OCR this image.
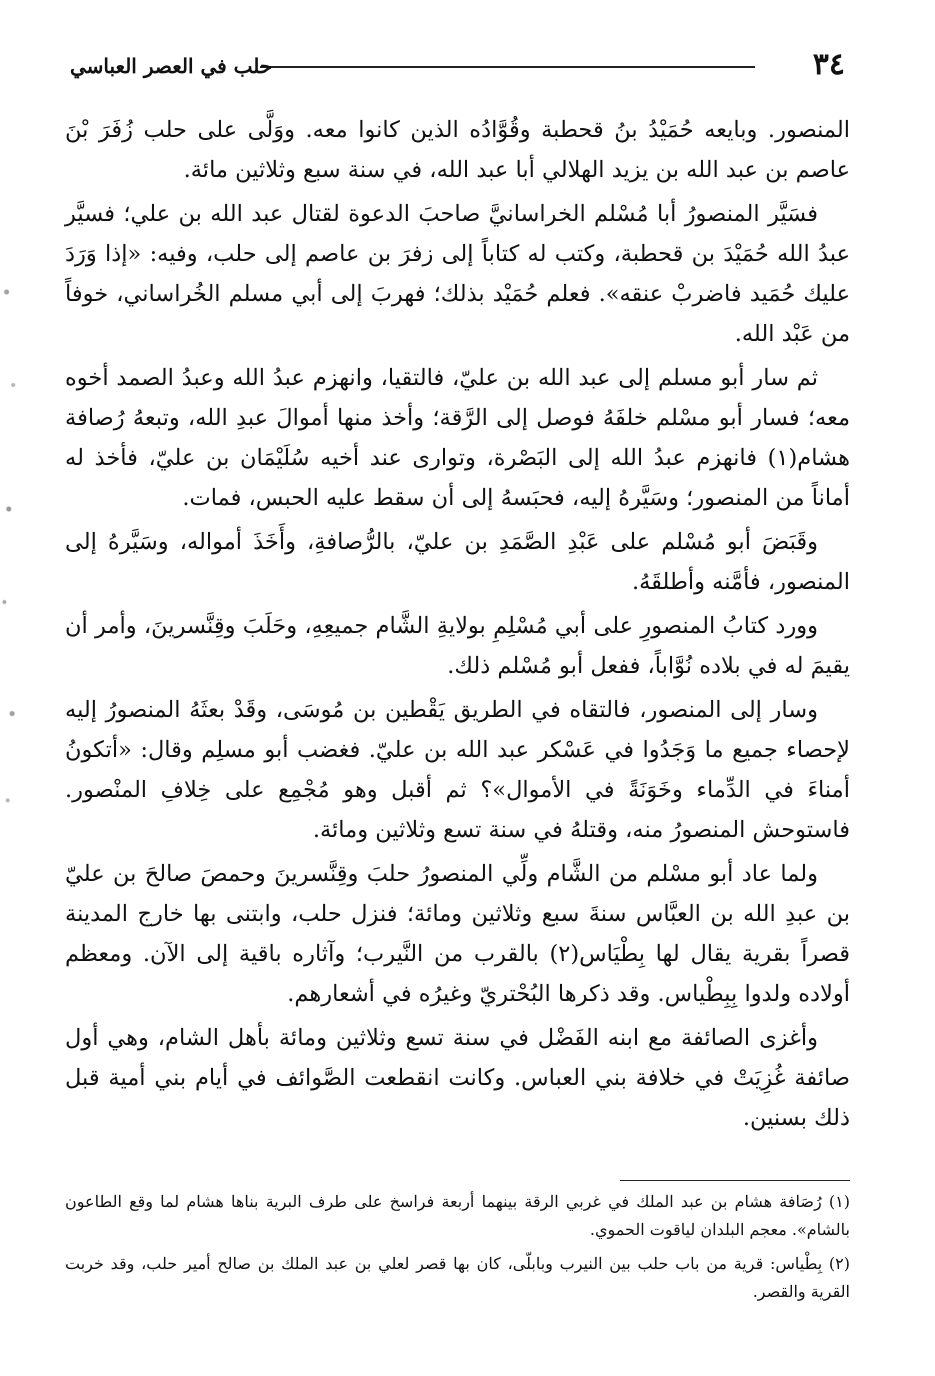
٣٤
حلب في العصر العباسي

المنصور. وبايعه حُمَيْدُ بنُ قحطبة وقُوَّادُه الذين كانوا معه. ووَلَّى على حلب زُفَرَ بْنَ عاصم بن عبد الله بن يزيد الهلالي أبا عبد الله، في سنة سبع وثلاثين مائة.

فسَيَّر المنصورُ أبا مُسْلم الخراسانيَّ صاحبَ الدعوة لقتال عبد الله بن علي؛ فسيَّر عبدُ الله حُمَيْدَ بن قحطبة، وكتب له كتاباً إلى زفرَ بن عاصم إلى حلب، وفيه: «إذا وَرَدَ عليك حُمَيد فاضربْ عنقه». فعلم حُمَيْد بذلك؛ فهربَ إلى أبي مسلم الخُراساني، خوفاً من عَبْد الله.

ثم سار أبو مسلم إلى عبد الله بن عليّ، فالتقيا، وانهزم عبدُ الله وعبدُ الصمد أخوه معه؛ فسار أبو مسْلم خلفَهُ فوصل إلى الرَّقة؛ وأخذ منها أموالَ عبدِ الله، وتبعهُ رُصافة هشام(١) فانهزم عبدُ الله إلى البَصْرة، وتوارى عند أخيه سُلَيْمَان بن عليّ، فأخذ له أماناً من المنصور؛ وسَيَّرهُ إليه، فحبَسهُ إلى أن سقط عليه الحبس، فمات.

وقَبَضَ أبو مُسْلم على عَبْدِ الصَّمَدِ بن عليّ، بالرُّصافةِ، وأَخَذَ أمواله، وسَيَّرهُ إلى المنصور، فأمَّنه وأطلقَهُ.

وورد كتابُ المنصورِ على أبي مُسْلِمِ بولايةِ الشَّام جميعِهِ، وحَلَبَ وقِنَّسرينَ، وأمر أن يقيمَ له في بلاده نُوَّاباً، ففعل أبو مُسْلم ذلك.

وسار إلى المنصور، فالتقاه في الطريق يَقْطين بن مُوسَى، وقَدْ بعثَهُ المنصورُ إليه لإحصاء جميع ما وَجَدُوا في عَسْكر عبد الله بن عليّ. فغضب أبو مسلِم وقال: «أتكونُ أمناءَ في الدِّماء وخَوَنَةً في الأموال»؟ ثم أقبل وهو مُجْمِع على خِلافِ المنْصور. فاستوحش المنصورُ منه، وقتلهُ في سنة تسع وثلاثين ومائة.

ولما عاد أبو مسْلم من الشَّام ولِّي المنصورُ حلبَ وقِنَّسرينَ وحمصَ صالحَ بن عليّ بن عبدِ الله بن العبَّاس سنةَ سبع وثلاثين ومائة؛ فنزل حلب، وابتنى بها خارج المدينة قصراً بقرية يقال لها بِطْيَاس(٢) بالقرب من النَّيرب؛ وآثاره باقية إلى الآن. ومعظم أولاده ولدوا بِبِطْياس. وقد ذكرها البُحْتريّ وغيرُه في أشعارهم.

وأغزى الصائفة مع ابنه الفَضْل في سنة تسع وثلاثين ومائة بأهل الشام، وهي أول صائفة غُزِيَتْ في خلافة بني العباس. وكانت انقطعت الصَّوائف في أيام بني أمية قبل ذلك بسنين.

(١) رُصَافة هشام بن عبد الملك في غربي الرقة بينهما أربعة فراسخ على طرف البرية بناها هشام لما وقع الطاعون بالشام». معجم البلدان لياقوت الحموي.

(٢) بِطْياس: قرية من باب حلب بين النيرب وبابلّى، كان بها قصر لعلي بن عبد الملك بن صالح أمير حلب، وقد خربت القرية والقصر.
